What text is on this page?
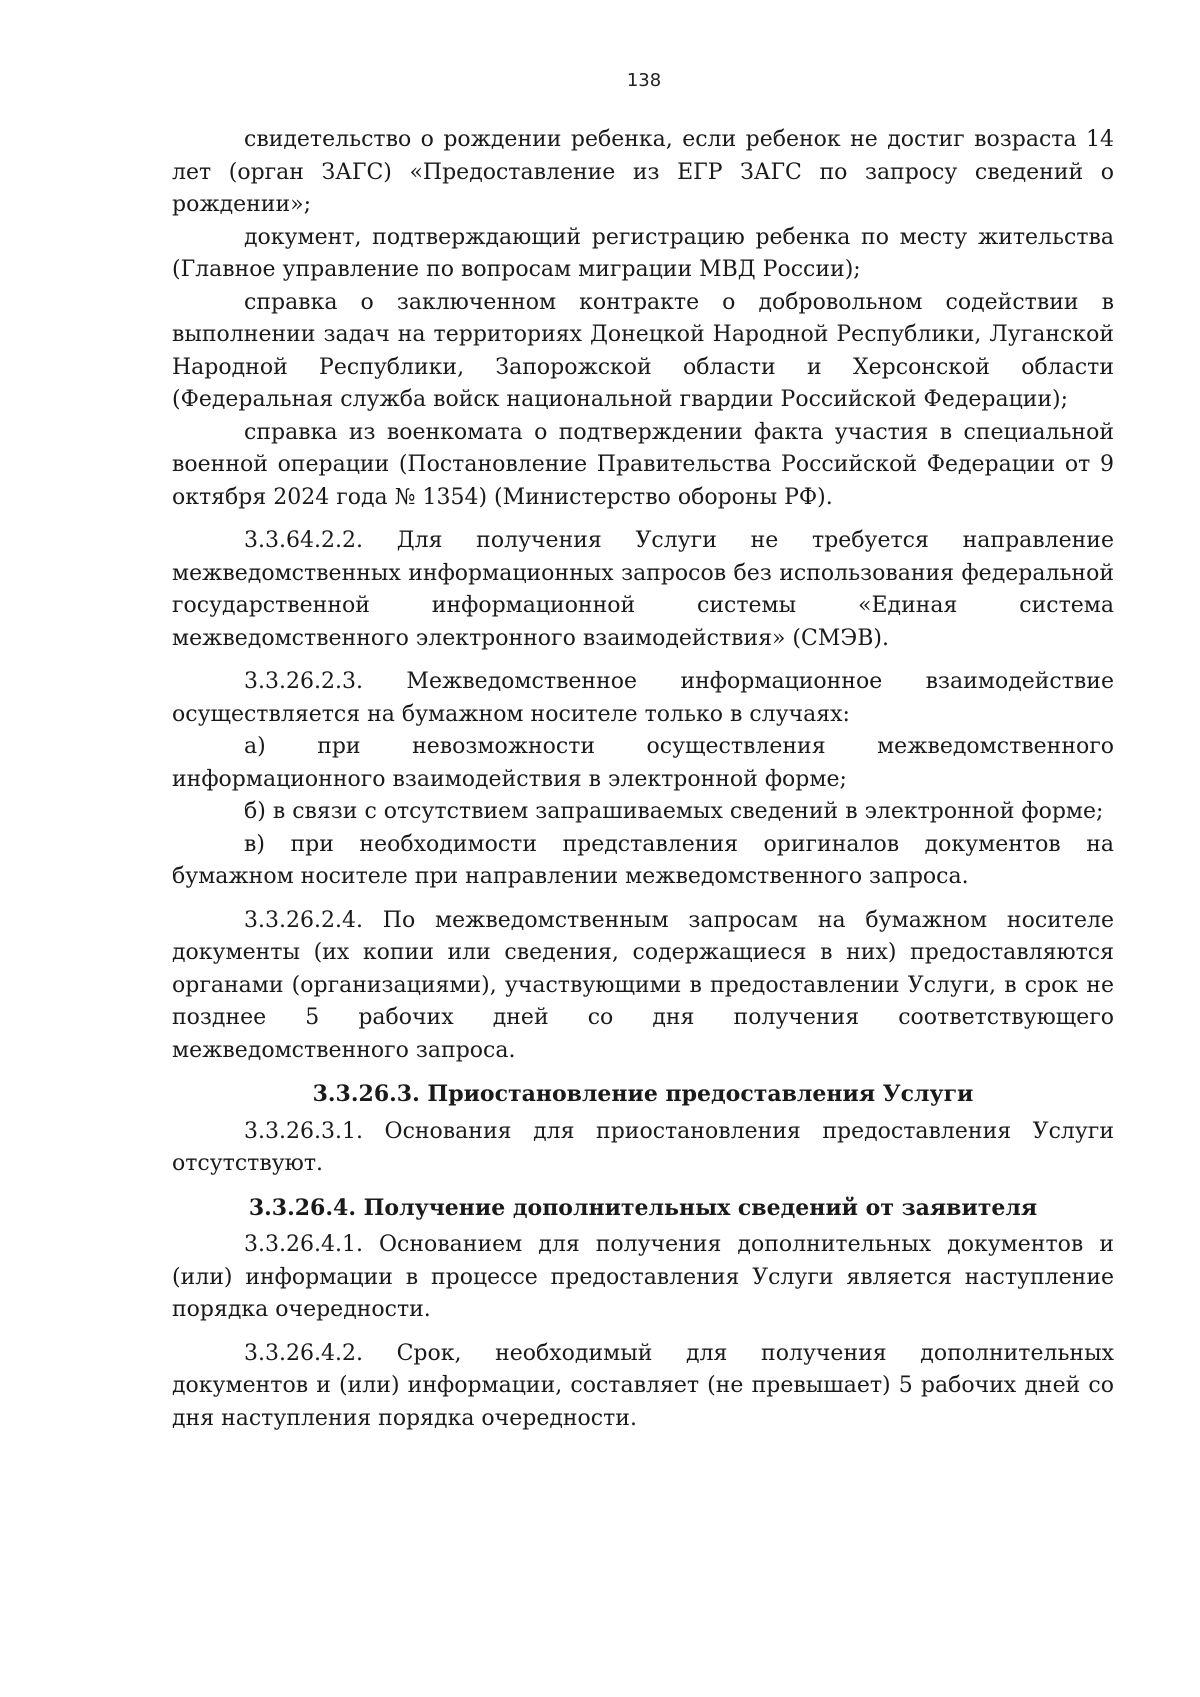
138

свидетельство о рождении ребенка, если ребенок не достиг возраста 14 лет (орган ЗАГС) «Предоставление из ЕГР ЗАГС по запросу сведений о рождении»;

документ, подтверждающий регистрацию ребенка по месту жительства (Главное управление по вопросам миграции МВД России);

справка о заключенном контракте о добровольном содействии в выполнении задач на территориях Донецкой Народной Республики, Луганской Народной Республики, Запорожской области и Херсонской области (Федеральная служба войск национальной гвардии Российской Федерации);

справка из военкомата о подтверждении факта участия в специальной военной операции (Постановление Правительства Российской Федерации от 9 октября 2024 года № 1354) (Министерство обороны РФ).

3.3.64.2.2. Для получения Услуги не требуется направление межведомственных информационных запросов без использования федеральной государственной информационной системы «Единая система межведомственного электронного взаимодействия» (СМЭВ).

3.3.26.2.3. Межведомственное информационное взаимодействие осуществляется на бумажном носителе только в случаях:

а) при невозможности осуществления межведомственного информационного взаимодействия в электронной форме;

б) в связи с отсутствием запрашиваемых сведений в электронной форме;

в) при необходимости представления оригиналов документов на бумажном носителе при направлении межведомственного запроса.

3.3.26.2.4. По межведомственным запросам на бумажном носителе документы (их копии или сведения, содержащиеся в них) предоставляются органами (организациями), участвующими в предоставлении Услуги, в срок не позднее 5 рабочих дней со дня получения соответствующего межведомственного запроса.

3.3.26.3. Приостановление предоставления Услуги

3.3.26.3.1. Основания для приостановления предоставления Услуги отсутствуют.

3.3.26.4. Получение дополнительных сведений от заявителя

3.3.26.4.1. Основанием для получения дополнительных документов и (или) информации в процессе предоставления Услуги является наступление порядка очередности.

3.3.26.4.2. Срок, необходимый для получения дополнительных документов и (или) информации, составляет (не превышает) 5 рабочих дней со дня наступления порядка очередности.
